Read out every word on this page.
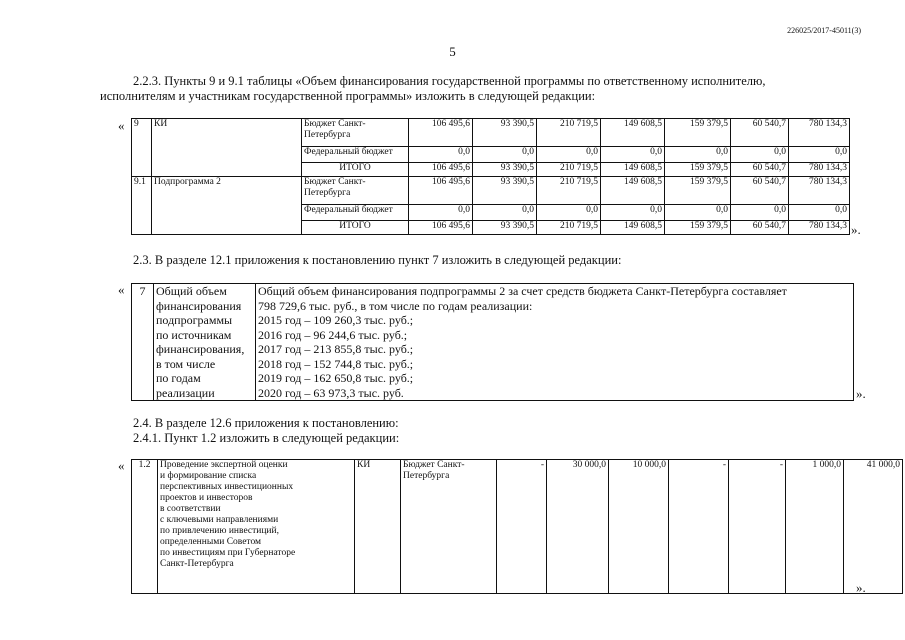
226025/2017-45011(3)
5
2.2.3. Пункты 9 и 9.1 таблицы «Объем финансирования государственной программы по ответственному исполнителю,
исполнителям и участникам государственной программы» изложить в следующей редакции:
« 9	КИ	Бюджет Санкт-Петербурга	106 495,6	93 390,5	210 719,5	149 608,5	159 379,5	60 540,7	780 134,3
		Федеральный бюджет	0,0	0,0	0,0	0,0	0,0	0,0	0,0
		ИТОГО	106 495,6	93 390,5	210 719,5	149 608,5	159 379,5	60 540,7	780 134,3
9.1	Подпрограмма 2	Бюджет Санкт-Петербурга	106 495,6	93 390,5	210 719,5	149 608,5	159 379,5	60 540,7	780 134,3
		Федеральный бюджет	0,0	0,0	0,0	0,0	0,0	0,0	0,0
		ИТОГО	106 495,6	93 390,5	210 719,5	149 608,5	159 379,5	60 540,7	780 134,3 ».
2.3. В разделе 12.1 приложения к постановлению пункт 7 изложить в следующей редакции:
« 7	Общий объем
финансирования
подпрограммы
по источникам
финансирования,
в том числе
по годам
реализации

Общий объем финансирования подпрограммы 2 за счет средств бюджета Санкт-Петербурга составляет
798 729,6 тыс. руб., в том числе по годам реализации:
2015 год – 109 260,3 тыс. руб.;
2016 год – 96 244,6 тыс. руб.;
2017 год – 213 855,8 тыс. руб.;
2018 год – 152 744,8 тыс. руб.;
2019 год – 162 650,8 тыс. руб.;
2020 год – 63 973,3 тыс. руб.	».
2.4. В разделе 12.6 приложения к постановлению:
2.4.1. Пункт 1.2 изложить в следующей редакции:
« 1.2	Проведение экспертной оценки
и формирование списка
перспективных инвестиционных
проектов и инвесторов
в соответствии
с ключевыми направлениями
по привлечению инвестиций,
определенными Советом
по инвестициям при Губернаторе
Санкт-Петербурга
	КИ	Бюджет Санкт-Петербурга	-	30 000,0	10 000,0	-	-	1 000,0	41 000,0
».
